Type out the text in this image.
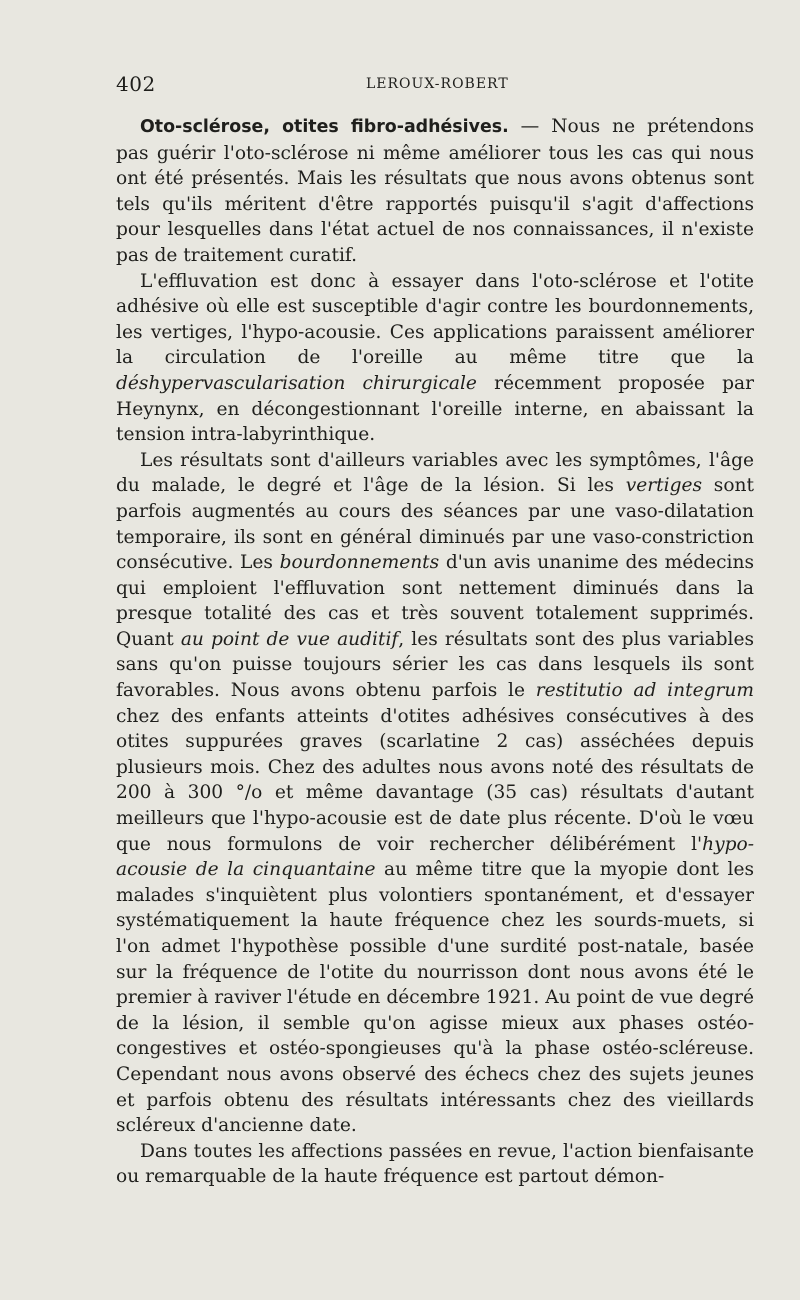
402	LEROUX-ROBERT

Oto-sclérose, otites fibro-adhésives. — Nous ne prétendons pas guérir l'oto-sclérose ni même améliorer tous les cas qui nous ont été présentés. Mais les résultats que nous avons obtenus sont tels qu'ils méritent d'être rapportés puisqu'il s'agit d'affections pour lesquelles dans l'état actuel de nos connaissances, il n'existe pas de traitement curatif.

L'effluvation est donc à essayer dans l'oto-sclérose et l'otite adhésive où elle est susceptible d'agir contre les bourdonnements, les vertiges, l'hypo-acousie. Ces applications paraissent améliorer la circulation de l'oreille au même titre que la déshypervascularisation chirurgicale récemment proposée par Heynynx, en décongestionnant l'oreille interne, en abaissant la tension intra-labyrinthique.

Les résultats sont d'ailleurs variables avec les symptômes, l'âge du malade, le degré et l'âge de la lésion. Si les vertiges sont parfois augmentés au cours des séances par une vaso-dilatation temporaire, ils sont en général diminués par une vaso-constriction consécutive. Les bourdonnements d'un avis unanime des médecins qui emploient l'effluvation sont nettement diminués dans la presque totalité des cas et très souvent totalement supprimés. Quant au point de vue auditif, les résultats sont des plus variables sans qu'on puisse toujours sérier les cas dans lesquels ils sont favorables. Nous avons obtenu parfois le restitutio ad integrum chez des enfants atteints d'otites adhésives consécutives à des otites suppurées graves (scarlatine 2 cas) asséchées depuis plusieurs mois. Chez des adultes nous avons noté des résultats de 200 à 300 °/o et même davantage (35 cas) résultats d'autant meilleurs que l'hypo-acousie est de date plus récente. D'où le vœu que nous formulons de voir rechercher délibérément l'hypo-acousie de la cinquantaine au même titre que la myopie dont les malades s'inquiètent plus volontiers spontanément, et d'essayer systématiquement la haute fréquence chez les sourds-muets, si l'on admet l'hypothèse possible d'une surdité post-natale, basée sur la fréquence de l'otite du nourrisson dont nous avons été le premier à raviver l'étude en décembre 1921. Au point de vue degré de la lésion, il semble qu'on agisse mieux aux phases ostéo-congestives et ostéo-spongieuses qu'à la phase ostéo-scléreuse. Cependant nous avons observé des échecs chez des sujets jeunes et parfois obtenu des résultats intéressants chez des vieillards scléreux d'ancienne date.

Dans toutes les affections passées en revue, l'action bienfaisante ou remarquable de la haute fréquence est partout démon-
